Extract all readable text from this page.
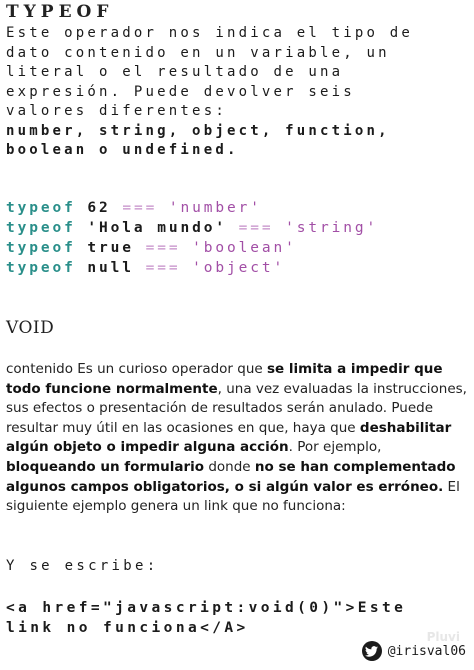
TYPEOF
Este operador nos indica el tipo de
dato contenido en un variable, un
literal o el resultado de una
expresión. Puede devolver seis
valores diferentes:
number, string, object, function,
boolean o undefined.
typeof 62 === 'number'
typeof 'Hola mundo' === 'string'
typeof true === 'boolean'
typeof null === 'object'
VOID
contenido Es un curioso operador que se limita a impedir que todo funcione normalmente, una vez evaluadas la instrucciones, sus efectos o presentación de resultados serán anulado. Puede resultar muy útil en las ocasiones en que, haya que deshabilitar algún objeto o impedir alguna acción. Por ejemplo, bloqueando un formulario donde no se han complementado algunos campos obligatorios, o si algún valor es erróneo. El siguiente ejemplo genera un link que no funciona:
Y se escribe:
<a href="javascript:void(0)">Este
link no funciona</A>
Pluvi
@irisval06
